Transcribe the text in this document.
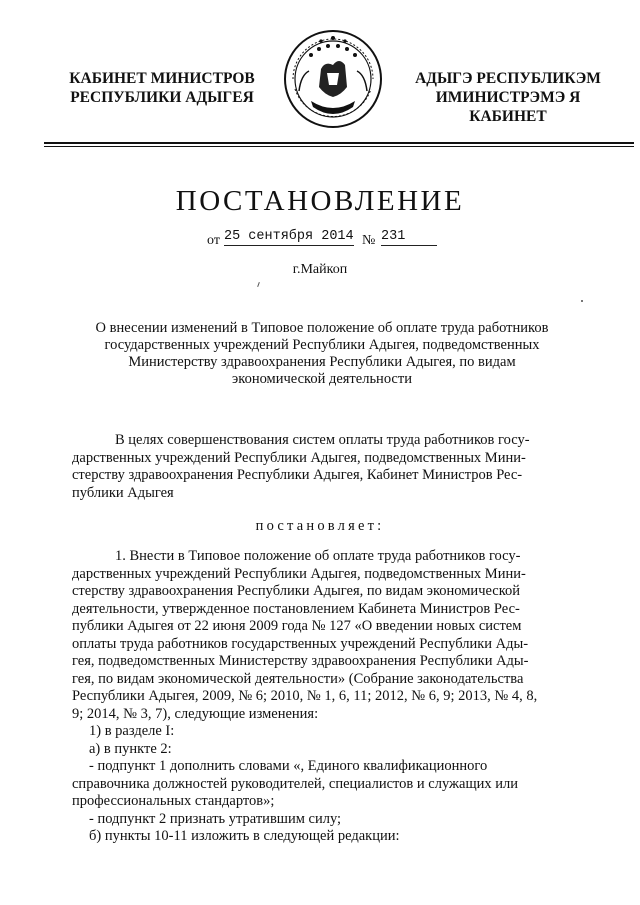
КАБИНЕТ МИНИСТРОВ
РЕСПУБЛИКИ АДЫГЕЯ
АДЫГЭ РЕСПУБЛИКЭМ
ИМИНИСТРЭМЭ Я КАБИНЕТ
ПОСТАНОВЛЕНИЕ
от 25 сентября 2014 № 231
г.Майкоп
О внесении изменений в Типовое положение об оплате труда работников
государственных учреждений Республики Адыгея, подведомственных
Министерству здравоохранения Республики Адыгея, по видам
экономической деятельности
В целях совершенствования систем оплаты труда работников госу-
дарственных учреждений Республики Адыгея, подведомственных Мини-
стерству здравоохранения Республики Адыгея, Кабинет Министров Рес-
публики Адыгея
постановляет:
1. Внести в Типовое положение об оплате труда работников госу-
дарственных учреждений Республики Адыгея, подведомственных Мини-
стерству здравоохранения Республики Адыгея, по видам экономической
деятельности, утвержденное постановлением Кабинета Министров Рес-
публики Адыгея от 22 июня 2009 года № 127 «О введении новых систем
оплаты труда работников государственных учреждений Республики Ады-
гея, подведомственных Министерству здравоохранения Республики Ады-
гея, по видам экономической деятельности» (Собрание законодательства
Республики Адыгея, 2009, № 6; 2010, № 1, 6, 11; 2012, № 6, 9; 2013, № 4, 8,
9; 2014, № 3, 7), следующие изменения:
1) в разделе I:
а) в пункте 2:
- подпункт 1 дополнить словами «, Единого квалификационного
справочника должностей руководителей, специалистов и служащих или
профессиональных стандартов»;
- подпункт 2 признать утратившим силу;
б) пункты 10-11 изложить в следующей редакции:
